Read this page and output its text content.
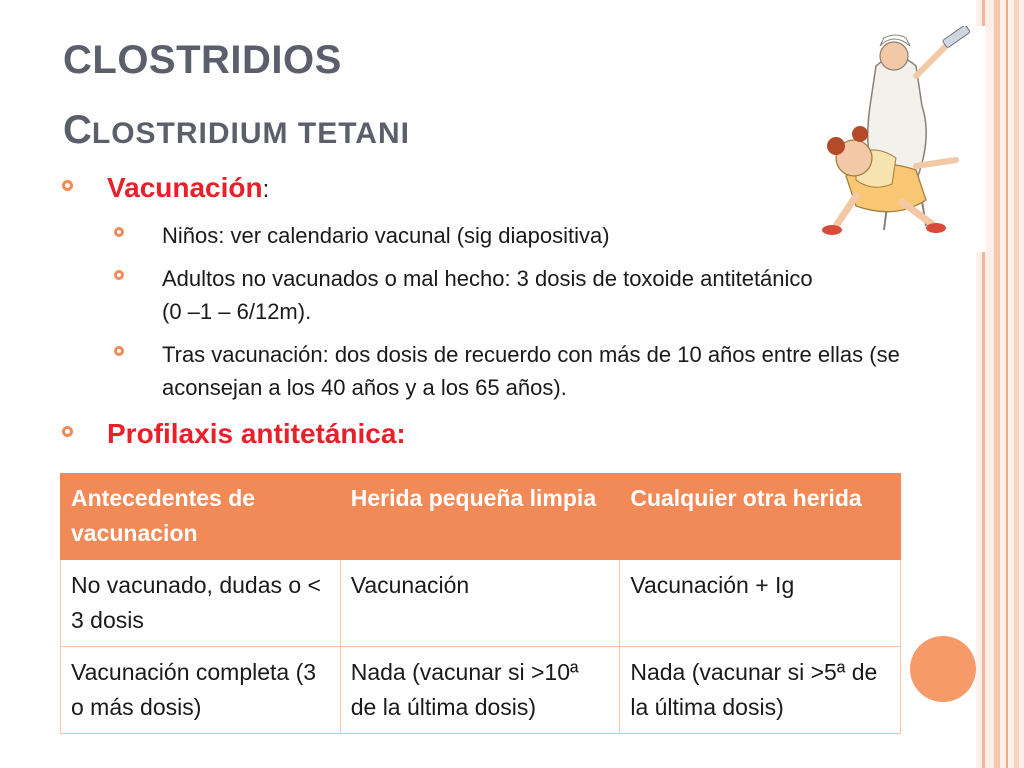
CLOSTRIDIOS
CLOSTRIDIUM TETANI
Vacunación:
Niños: ver calendario vacunal (sig diapositiva)
Adultos no vacunados o mal hecho: 3 dosis de toxoide antitetánico (0 –1 – 6/12m).
Tras vacunación: dos dosis de recuerdo con más de 10 años entre ellas (se aconsejan a los 40 años y a los 65 años).
Profilaxis antitetánica:
Antecedentes de vacunacion	Herida pequeña limpia	Cualquier otra herida
No vacunado, dudas o < 3 dosis	Vacunación	Vacunación + Ig
Vacunación completa (3 o más dosis)	Nada (vacunar si >10ª de la última dosis)	Nada (vacunar si >5ª de la última dosis)
